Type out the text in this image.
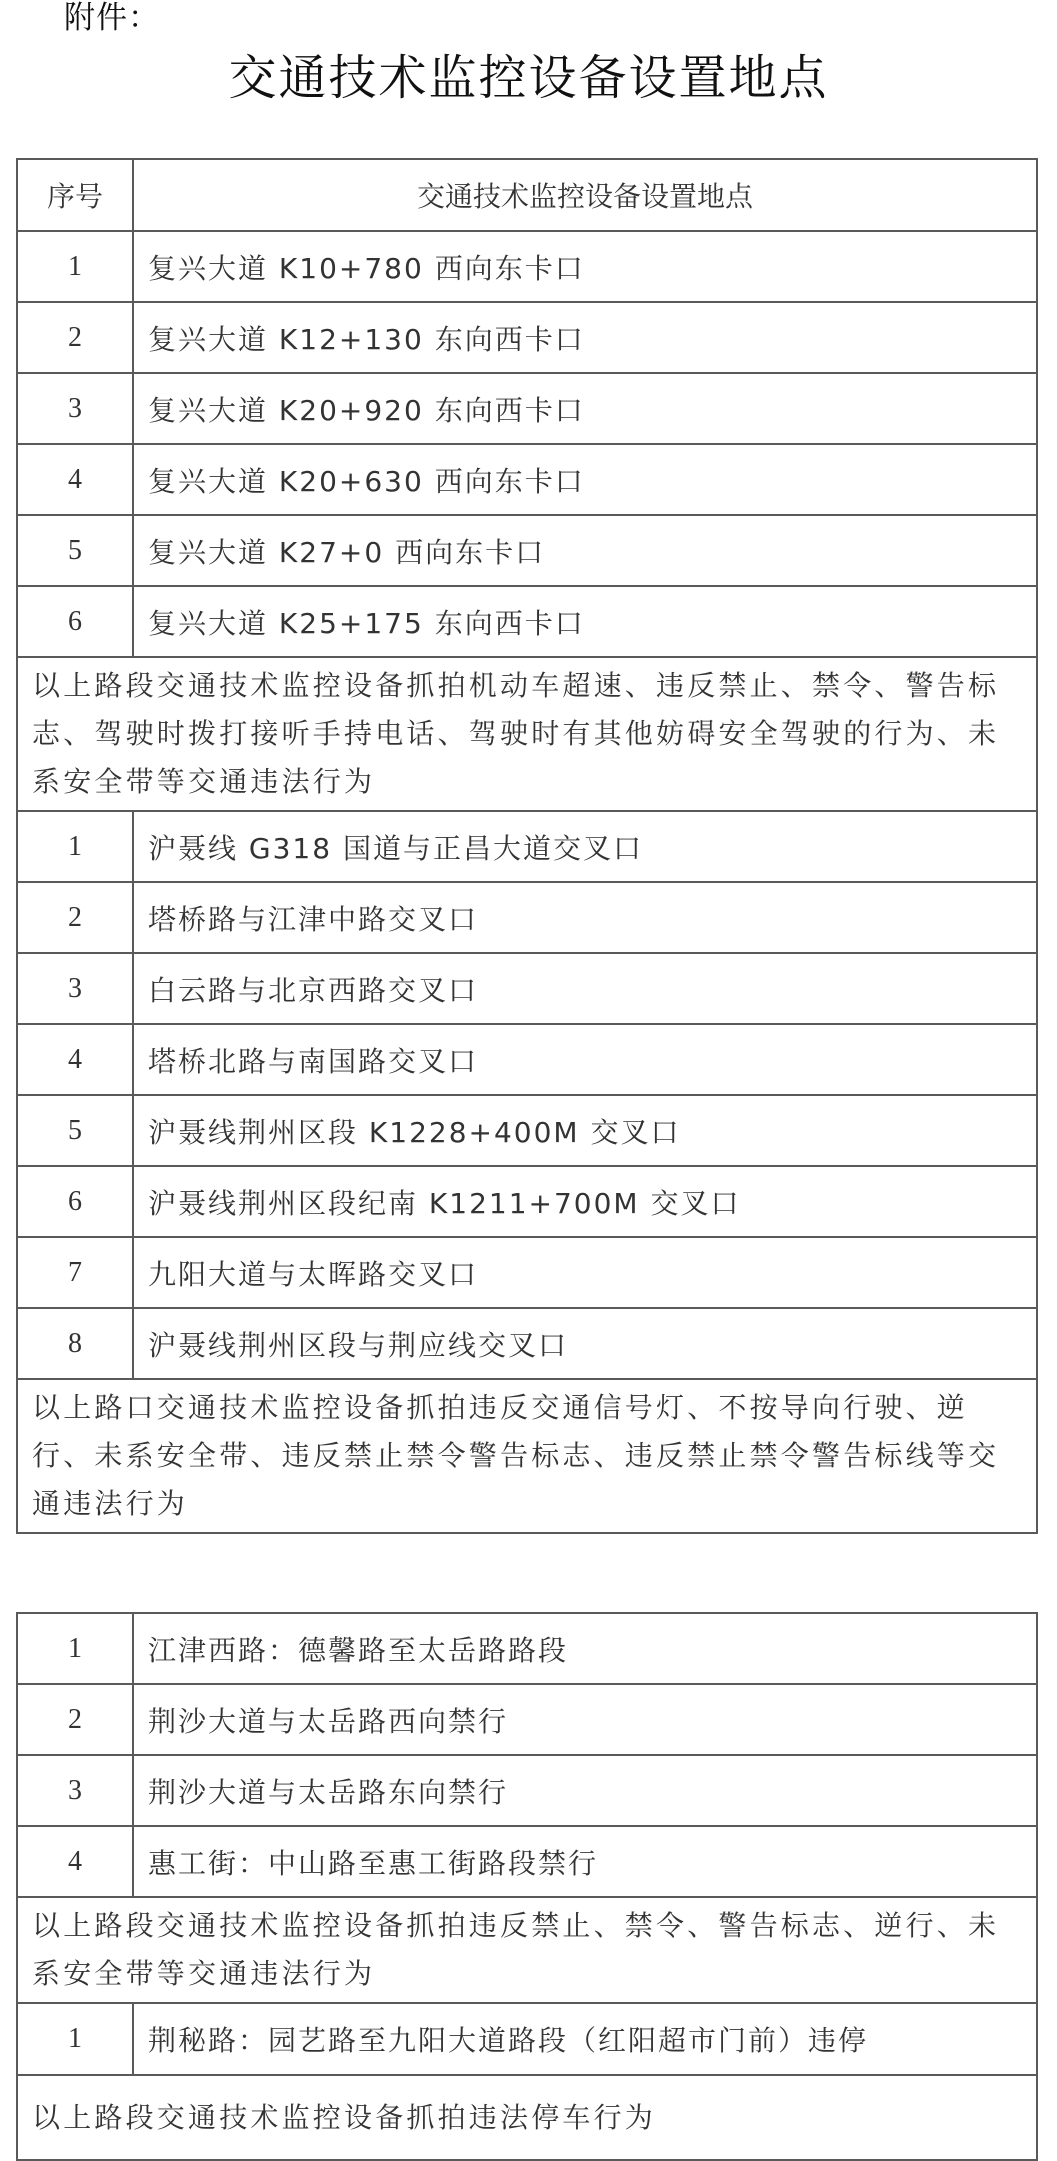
附件：
交通技术监控设备设置地点
序号	交通技术监控设备设置地点
1	复兴大道 K10+780 西向东卡口
2	复兴大道 K12+130 东向西卡口
3	复兴大道 K20+920 东向西卡口
4	复兴大道 K20+630 西向东卡口
5	复兴大道 K27+0 西向东卡口
6	复兴大道 K25+175 东向西卡口
以上路段交通技术监控设备抓拍机动车超速、违反禁止、禁令、警告标志、驾驶时拨打接听手持电话、驾驶时有其他妨碍安全驾驶的行为、未系安全带等交通违法行为	
1	沪聂线 G318 国道与正昌大道交叉口
2	塔桥路与江津中路交叉口
3	白云路与北京西路交叉口
4	塔桥北路与南国路交叉口
5	沪聂线荆州区段 K1228+400M 交叉口
6	沪聂线荆州区段纪南 K1211+700M 交叉口
7	九阳大道与太晖路交叉口
8	沪聂线荆州区段与荆应线交叉口
以上路口交通技术监控设备抓拍违反交通信号灯、不按导向行驶、逆行、未系安全带、违反禁止禁令警告标志、违反禁止禁令警告标线等交通违法行为	
1	江津西路：德馨路至太岳路路段
2	荆沙大道与太岳路西向禁行
3	荆沙大道与太岳路东向禁行
4	惠工街：中山路至惠工街路段禁行
以上路段交通技术监控设备抓拍违反禁止、禁令、警告标志、逆行、未系安全带等交通违法行为	
1	荆秘路：园艺路至九阳大道路段（红阳超市门前）违停
以上路段交通技术监控设备抓拍违法停车行为	
